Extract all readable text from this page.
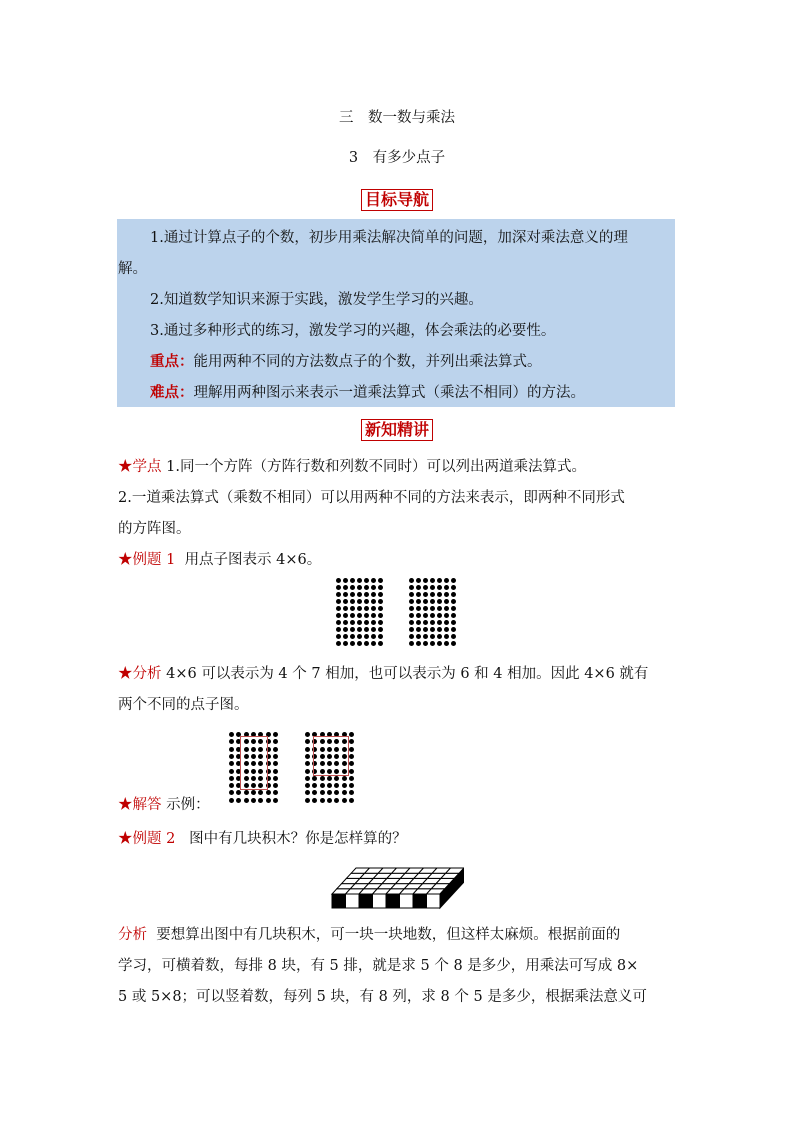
三　数一数与乘法
3　有多少点子
目标导航
1.通过计算点子的个数，初步用乘法解决简单的问题，加深对乘法意义的理
解。
2.知道数学知识来源于实践，激发学生学习的兴趣。
3.通过多种形式的练习，激发学习的兴趣，体会乘法的必要性。
重点：能用两种不同的方法数点子的个数，并列出乘法算式。
难点：理解用两种图示来表示一道乘法算式（乘法不相同）的方法。
新知精讲
★学点 1.同一个方阵（方阵行数和列数不同时）可以列出两道乘法算式。
2.一道乘法算式（乘数不相同）可以用两种不同的方法来表示，即两种不同形式
的方阵图。
★例题 1 用点子图表示 4×6。
★分析 4×6 可以表示为 4 个 7 相加，也可以表示为 6 和 4 相加。因此 4×6 就有
两个不同的点子图。
★解答 示例：
★例题 2 图中有几块积木？你是怎样算的？
分析 要想算出图中有几块积木，可一块一块地数，但这样太麻烦。根据前面的
学习，可横着数，每排 8 块，有 5 排，就是求 5 个 8 是多少，用乘法可写成 8×
5 或 5×8；可以竖着数，每列 5 块，有 8 列，求 8 个 5 是多少，根据乘法意义可
